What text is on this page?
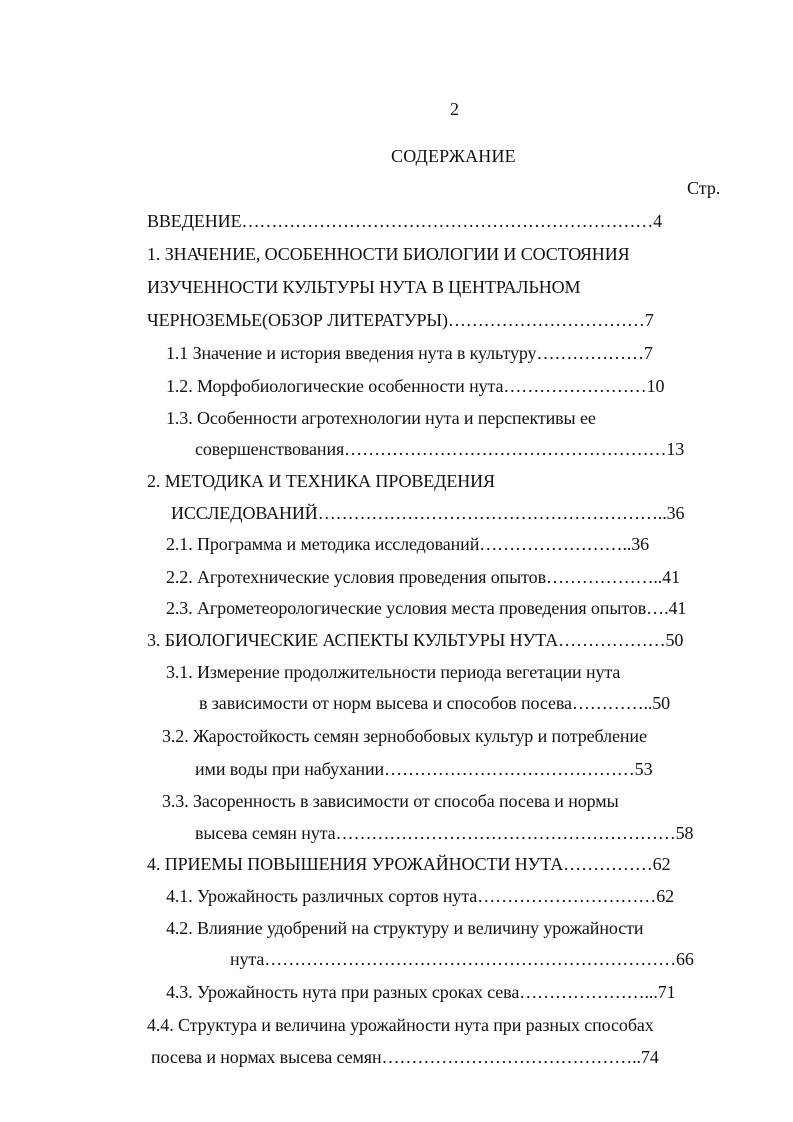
2
СОДЕРЖАНИЕ
Стр.
ВВЕДЕНИЕ……………………………………………………………4
1. ЗНАЧЕНИЕ, ОСОБЕННОСТИ БИОЛОГИИ И СОСТОЯНИЯ
ИЗУЧЕННОСТИ КУЛЬТУРЫ НУТА В ЦЕНТРАЛЬНОМ
ЧЕРНОЗЕМЬЕ(ОБЗОР ЛИТЕРАТУРЫ)……………………………7
1.1 Значение и история введения нута в культуру………………7
1.2. Морфобиологические особенности нута……………………10
1.3. Особенности агротехнологии нута и перспективы ее
совершенствования………………………………………………13
2. МЕТОДИКА И ТЕХНИКА ПРОВЕДЕНИЯ
ИССЛЕДОВАНИЙ…………………………………………………..36
2.1. Программа и методика исследований……………………..36
2.2. Агротехнические условия проведения опытов………………..41
2.3. Агрометеорологические условия места проведения опытов….41
3. БИОЛОГИЧЕСКИЕ АСПЕКТЫ КУЛЬТУРЫ НУТА………………50
3.1. Измерение продолжительности периода вегетации нута
в зависимости от норм высева и способов посева…………..50
3.2. Жаростойкость семян зернобобовых культур и потребление
ими воды при набухании……………………………………53
3.3. Засоренность в зависимости от способа посева и нормы
высева семян нута…………………………………………………58
4. ПРИЕМЫ ПОВЫШЕНИЯ УРОЖАЙНОСТИ НУТА……………62
4.1. Урожайность различных сортов нута…………………………62
4.2. Влияние удобрений на структуру и величину урожайности
нута……………………………………………………………66
4.3. Урожайность нута при разных сроках сева…………………...71
4.4. Структура и величина урожайности нута при разных способах
посева и нормах высева семян……………………………………..74
